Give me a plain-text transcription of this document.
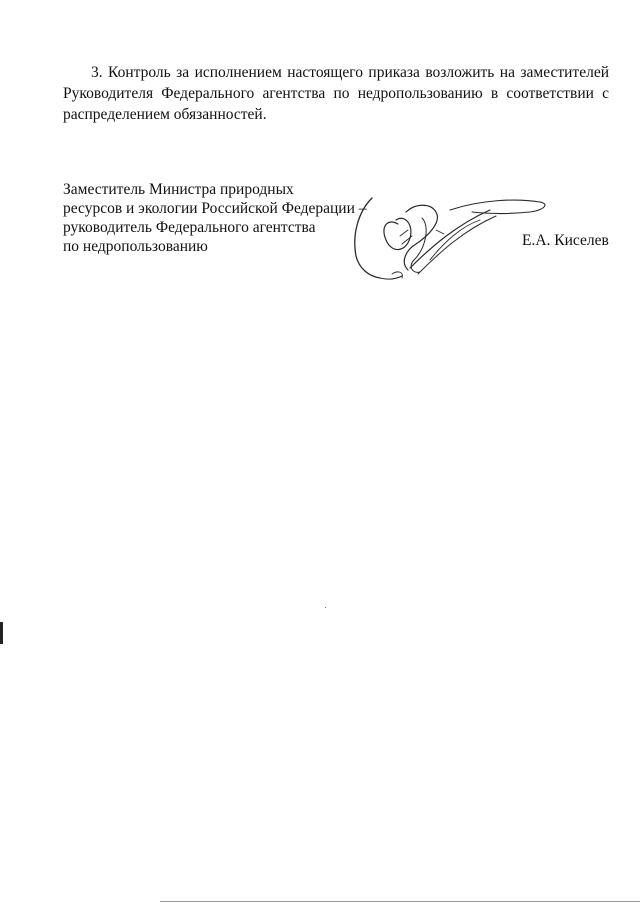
3. Контроль за исполнением настоящего приказа возложить на заместителей
Руководителя Федерального агентства по недропользованию в соответствии с
распределением обязанностей.

Заместитель Министра природных
ресурсов и экологии Российской Федерации –
руководитель Федерального агентства
по недропользованию	Е.А. Киселев
